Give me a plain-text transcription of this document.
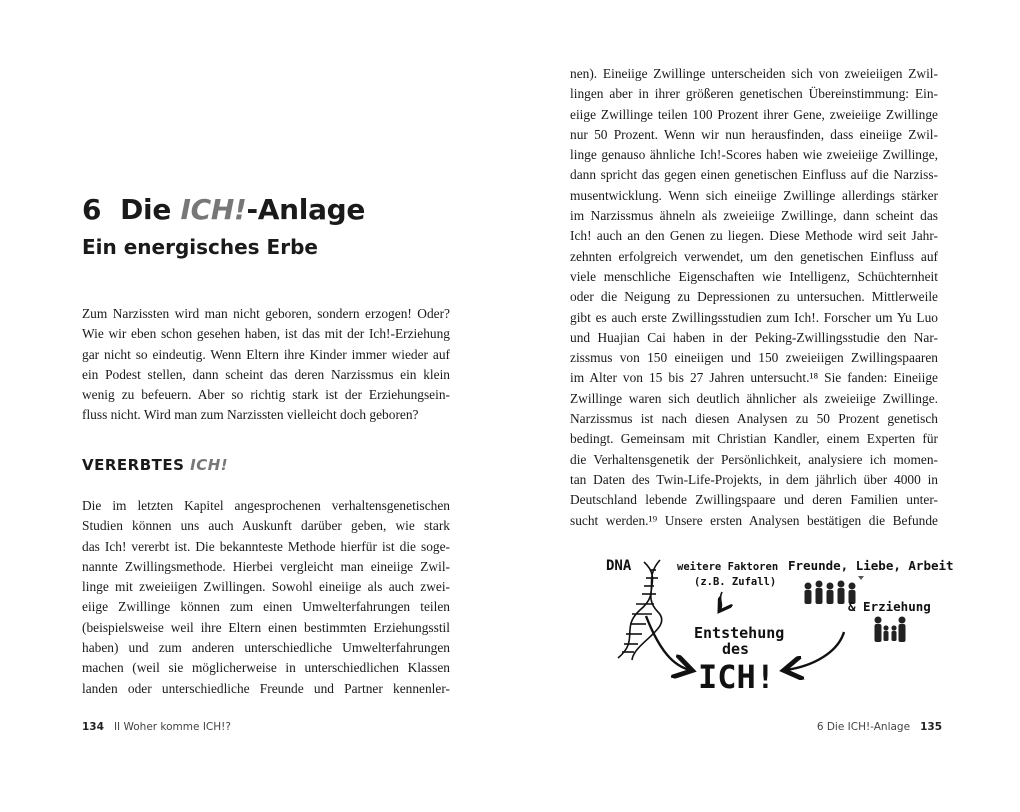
6 Die ICH!-Anlage
Ein energisches Erbe

Zum Narzissten wird man nicht geboren, sondern erzogen! Oder?
Wie wir eben schon gesehen haben, ist das mit der Ich!-Erziehung
gar nicht so eindeutig. Wenn Eltern ihre Kinder immer wieder auf
ein Podest stellen, dann scheint das deren Narzissmus ein klein
wenig zu befeuern. Aber so richtig stark ist der Erziehungsein-
fluss nicht. Wird man zum Narzissten vielleicht doch geboren?

VERERBTES ICH!

Die im letzten Kapitel angesprochenen verhaltensgenetischen
Studien können uns auch Auskunft darüber geben, wie stark
das Ich! vererbt ist. Die bekannteste Methode hierfür ist die soge-
nannte Zwillingsmethode. Hierbei vergleicht man eineiige Zwil-
linge mit zweieiigen Zwillingen. Sowohl eineiige als auch zwei-
eiige Zwillinge können zum einen Umwelterfahrungen teilen
(beispielsweise weil ihre Eltern einen bestimmten Erziehungsstil
haben) und zum anderen unterschiedliche Umwelterfahrungen
machen (weil sie möglicherweise in unterschiedlichen Klassen
landen oder unterschiedliche Freunde und Partner kennenler-

134 II Woher komme ICH!?

nen). Eineiige Zwillinge unterscheiden sich von zweieiigen Zwil-
lingen aber in ihrer größeren genetischen Übereinstimmung: Ein-
eiige Zwillinge teilen 100 Prozent ihrer Gene, zweieiige Zwillinge
nur 50 Prozent. Wenn wir nun herausfinden, dass eineiige Zwil-
linge genauso ähnliche Ich!-Scores haben wie zweieiige Zwillinge,
dann spricht das gegen einen genetischen Einfluss auf die Narziss-
musentwicklung. Wenn sich eineiige Zwillinge allerdings stärker
im Narzissmus ähneln als zweieiige Zwillinge, dann scheint das
Ich! auch an den Genen zu liegen. Diese Methode wird seit Jahr-
zehnten erfolgreich verwendet, um den genetischen Einfluss auf
viele menschliche Eigenschaften wie Intelligenz, Schüchternheit
oder die Neigung zu Depressionen zu untersuchen. Mittlerweile
gibt es auch erste Zwillingsstudien zum Ich!. Forscher um Yu Luo
und Huajian Cai haben in der Peking-Zwillingsstudie den Nar-
zissmus von 150 eineiigen und 150 zweieiigen Zwillingspaaren
im Alter von 15 bis 27 Jahren untersucht.¹⁸ Sie fanden: Eineiige
Zwillinge waren sich deutlich ähnlicher als zweieiige Zwillinge.
Narzissmus ist nach diesen Analysen zu 50 Prozent genetisch
bedingt. Gemeinsam mit Christian Kandler, einem Experten für
die Verhaltensgenetik der Persönlichkeit, analysiere ich momen-
tan Daten des Twin-Life-Projekts, in dem jährlich über 4000 in
Deutschland lebende Zwillingspaare und deren Familien unter-
sucht werden.¹⁹ Unsere ersten Analysen bestätigen die Befunde

DNA	weitere Faktoren
(z.B. Zufall)
Freunde, Liebe, Arbeit
& Erziehung
Entstehung
des
ICH!
6 Die ICH!-Anlage 135
